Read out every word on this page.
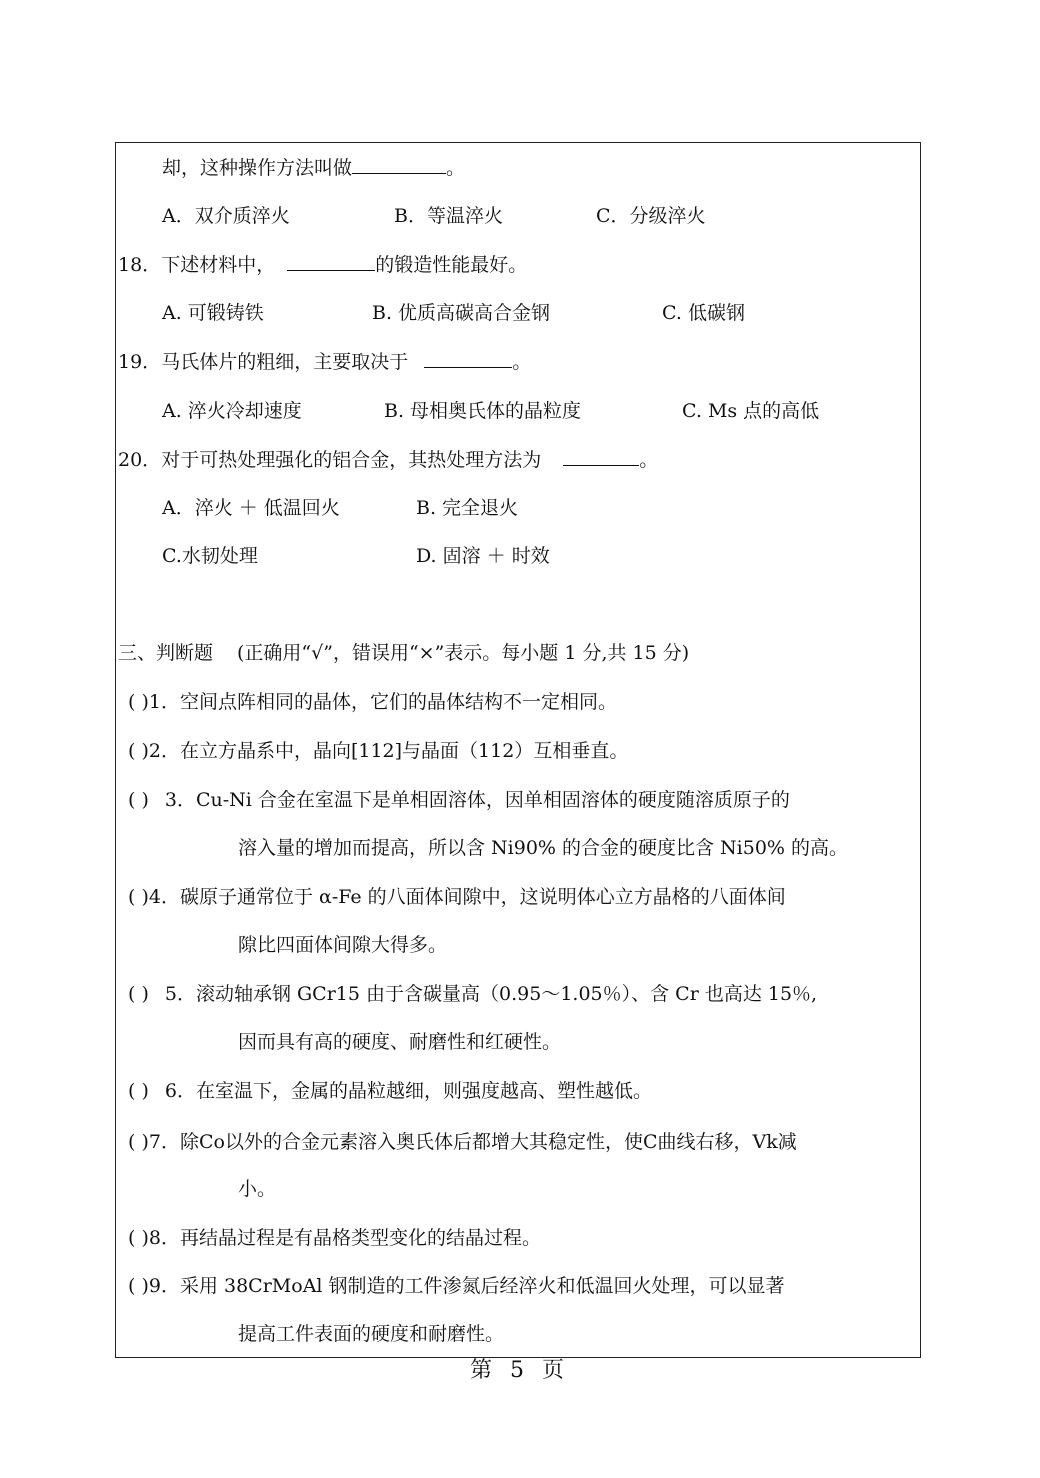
却，这种操作方法叫做	。
A．双介质淬火	B．等温淬火	C．分级淬火
18．下述材料中，	的锻造性能最好。
A. 可锻铸铁	B. 优质高碳高合金钢	C. 低碳钢
19．马氏体片的粗细，主要取决于	。
A. 淬火冷却速度	B. 母相奥氏体的晶粒度	C. Ms 点的高低
20．对于可热处理强化的铝合金，其热处理方法为	。
A．淬火 ＋ 低温回火	B. 完全退火
C.水韧处理	D. 固溶 ＋ 时效
三、判断题 (正确用“√”，错误用“×”表示。每小题 1 分,共 15 分)
( )1．空间点阵相同的晶体，它们的晶体结构不一定相同。
( )2．在立方晶系中，晶向[112]与晶面（112）互相垂直。
( ) 3．Cu-Ni 合金在室温下是单相固溶体，因单相固溶体的硬度随溶质原子的
溶入量的增加而提高，所以含 Ni90% 的合金的硬度比含 Ni50% 的高。
( )4．碳原子通常位于 α-Fe 的八面体间隙中，这说明体心立方晶格的八面体间
隙比四面体间隙大得多。
( ) 5．滚动轴承钢 GCr15 由于含碳量高（0.95～1.05％）、含 Cr 也高达 15％,
因而具有高的硬度、耐磨性和红硬性。
( ) 6．在室温下，金属的晶粒越细，则强度越高、塑性越低。
( )7．除Co以外的合金元素溶入奥氏体后都增大其稳定性，使C曲线右移，Vk减
小。
( )8．再结晶过程是有晶格类型变化的结晶过程。
( )9．采用 38CrMoAl 钢制造的工件渗氮后经淬火和低温回火处理，可以显著
提高工件表面的硬度和耐磨性。
第 5 页
